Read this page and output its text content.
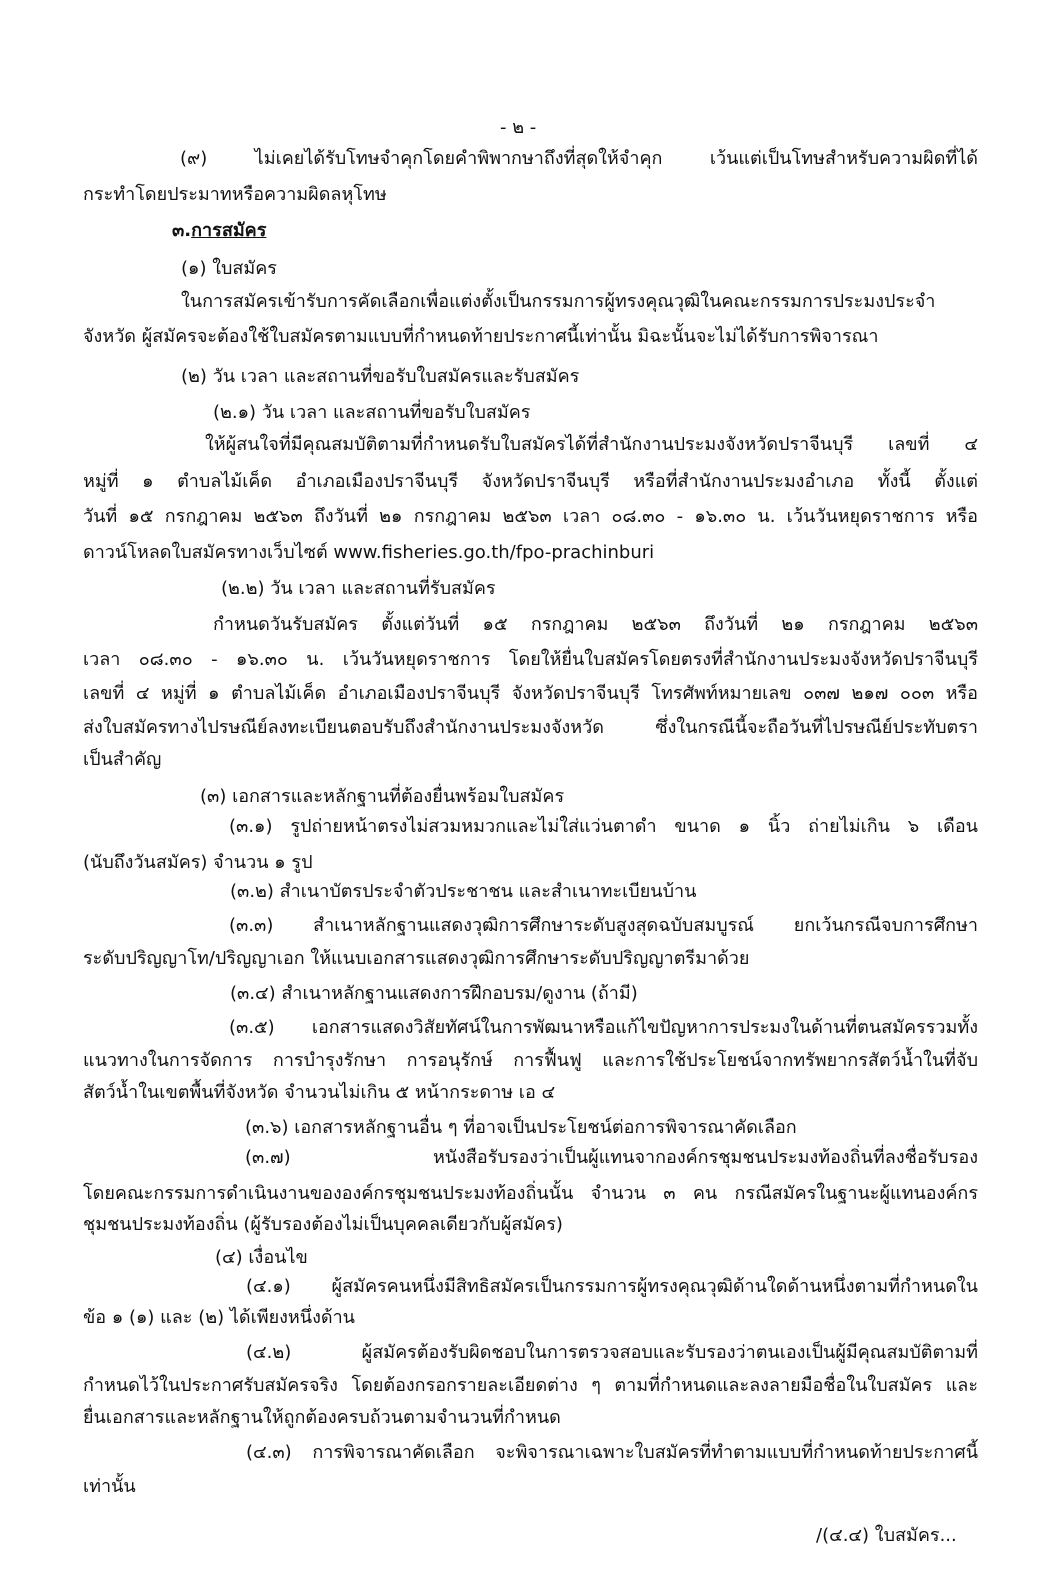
- ๒ -
(๙) ไม่เคยได้รับโทษจำคุกโดยคำพิพากษาถึงที่สุดให้จำคุก เว้นแต่เป็นโทษสำหรับความผิดที่ได้
กระทำโดยประมาทหรือความผิดลหุโทษ
๓.การสมัคร
(๑) ใบสมัคร
ในการสมัครเข้ารับการคัดเลือกเพื่อแต่งตั้งเป็นกรรมการผู้ทรงคุณวุฒิในคณะกรรมการประมงประจำ
จังหวัด ผู้สมัครจะต้องใช้ใบสมัครตามแบบที่กำหนดท้ายประกาศนี้เท่านั้น มิฉะนั้นจะไม่ได้รับการพิจารณา
(๒) วัน เวลา และสถานที่ขอรับใบสมัครและรับสมัคร
(๒.๑) วัน เวลา และสถานที่ขอรับใบสมัคร
ให้ผู้สนใจที่มีคุณสมบัติตามที่กำหนดรับใบสมัครได้ที่สำนักงานประมงจังหวัดปราจีนบุรี เลขที่ ๔
หมู่ที่ ๑ ตำบลไม้เค็ด อำเภอเมืองปราจีนบุรี จังหวัดปราจีนบุรี หรือที่สำนักงานประมงอำเภอ ทั้งนี้ ตั้งแต่
วันที่ ๑๕ กรกฎาคม ๒๕๖๓ ถึงวันที่ ๒๑ กรกฎาคม ๒๕๖๓ เวลา ๐๘.๓๐ - ๑๖.๓๐ น. เว้นวันหยุดราชการ หรือ
ดาวน์โหลดใบสมัครทางเว็บไซต์ www.fisheries.go.th/fpo-prachinburi
(๒.๒) วัน เวลา และสถานที่รับสมัคร
กำหนดวันรับสมัคร ตั้งแต่วันที่ ๑๕ กรกฎาคม ๒๕๖๓ ถึงวันที่ ๒๑ กรกฎาคม ๒๕๖๓
เวลา ๐๘.๓๐ - ๑๖.๓๐ น. เว้นวันหยุดราชการ โดยให้ยื่นใบสมัครโดยตรงที่สำนักงานประมงจังหวัดปราจีนบุรี
เลขที่ ๔ หมู่ที่ ๑ ตำบลไม้เค็ด อำเภอเมืองปราจีนบุรี จังหวัดปราจีนบุรี โทรศัพท์หมายเลข ๐๓๗ ๒๑๗ ๐๐๓ หรือ
ส่งใบสมัครทางไปรษณีย์ลงทะเบียนตอบรับถึงสำนักงานประมงจังหวัด ซึ่งในกรณีนี้จะถือวันที่ไปรษณีย์ประทับตรา
เป็นสำคัญ
(๓) เอกสารและหลักฐานที่ต้องยื่นพร้อมใบสมัคร
(๓.๑) รูปถ่ายหน้าตรงไม่สวมหมวกและไม่ใส่แว่นตาดำ ขนาด ๑ นิ้ว ถ่ายไม่เกิน ๖ เดือน
(นับถึงวันสมัคร) จำนวน ๑ รูป
(๓.๒) สำเนาบัตรประจำตัวประชาชน และสำเนาทะเบียนบ้าน
(๓.๓) สำเนาหลักฐานแสดงวุฒิการศึกษาระดับสูงสุดฉบับสมบูรณ์ ยกเว้นกรณีจบการศึกษา
ระดับปริญญาโท/ปริญญาเอก ให้แนบเอกสารแสดงวุฒิการศึกษาระดับปริญญาตรีมาด้วย
(๓.๔) สำเนาหลักฐานแสดงการฝึกอบรม/ดูงาน (ถ้ามี)
(๓.๕) เอกสารแสดงวิสัยทัศน์ในการพัฒนาหรือแก้ไขปัญหาการประมงในด้านที่ตนสมัครรวมทั้ง
แนวทางในการจัดการ การบำรุงรักษา การอนุรักษ์ การฟื้นฟู และการใช้ประโยชน์จากทรัพยากรสัตว์น้ำในที่จับ
สัตว์น้ำในเขตพื้นที่จังหวัด จำนวนไม่เกิน ๕ หน้ากระดาษ เอ ๔
(๓.๖) เอกสารหลักฐานอื่น ๆ ที่อาจเป็นประโยชน์ต่อการพิจารณาคัดเลือก
(๓.๗) หนังสือรับรองว่าเป็นผู้แทนจากองค์กรชุมชนประมงท้องถิ่นที่ลงชื่อรับรอง
โดยคณะกรรมการดำเนินงานขององค์กรชุมชนประมงท้องถิ่นนั้น จำนวน ๓ คน กรณีสมัครในฐานะผู้แทนองค์กร
ชุมชนประมงท้องถิ่น (ผู้รับรองต้องไม่เป็นบุคคลเดียวกับผู้สมัคร)
(๔) เงื่อนไข
(๔.๑) ผู้สมัครคนหนึ่งมีสิทธิสมัครเป็นกรรมการผู้ทรงคุณวุฒิด้านใดด้านหนึ่งตามที่กำหนดใน
ข้อ ๑ (๑) และ (๒) ได้เพียงหนึ่งด้าน
(๔.๒) ผู้สมัครต้องรับผิดชอบในการตรวจสอบและรับรองว่าตนเองเป็นผู้มีคุณสมบัติตามที่
กำหนดไว้ในประกาศรับสมัครจริง โดยต้องกรอกรายละเอียดต่าง ๆ ตามที่กำหนดและลงลายมือชื่อในใบสมัคร และ
ยื่นเอกสารและหลักฐานให้ถูกต้องครบถ้วนตามจำนวนที่กำหนด
(๔.๓) การพิจารณาคัดเลือก จะพิจารณาเฉพาะใบสมัครที่ทำตามแบบที่กำหนดท้ายประกาศนี้
เท่านั้น
/(๔.๔) ใบสมัคร...
